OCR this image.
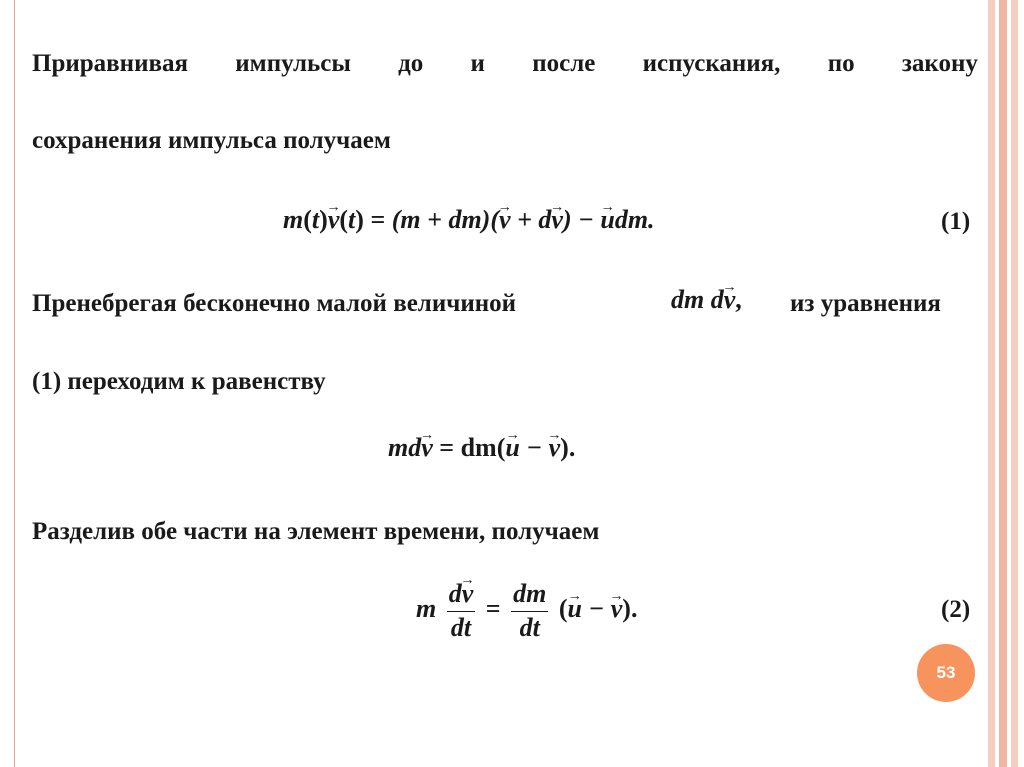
Приравнивая импульсы до и после испускания, по закону
сохранения импульса получаем
m(t)→ v(t) = (m + dm)(→ v + d→ v) − → udm.	(1)
Пренебрегая бесконечно малой величиной	dm d→ v, из уравнения
(1) переходим к равенству
md→ v = dm(→ u − → v).
Разделив обе части на элемент времени, получаем
m $\frac{d\to v}{dt} = \frac{dm}{dt}$ (→ u − → v).	(2)
53
